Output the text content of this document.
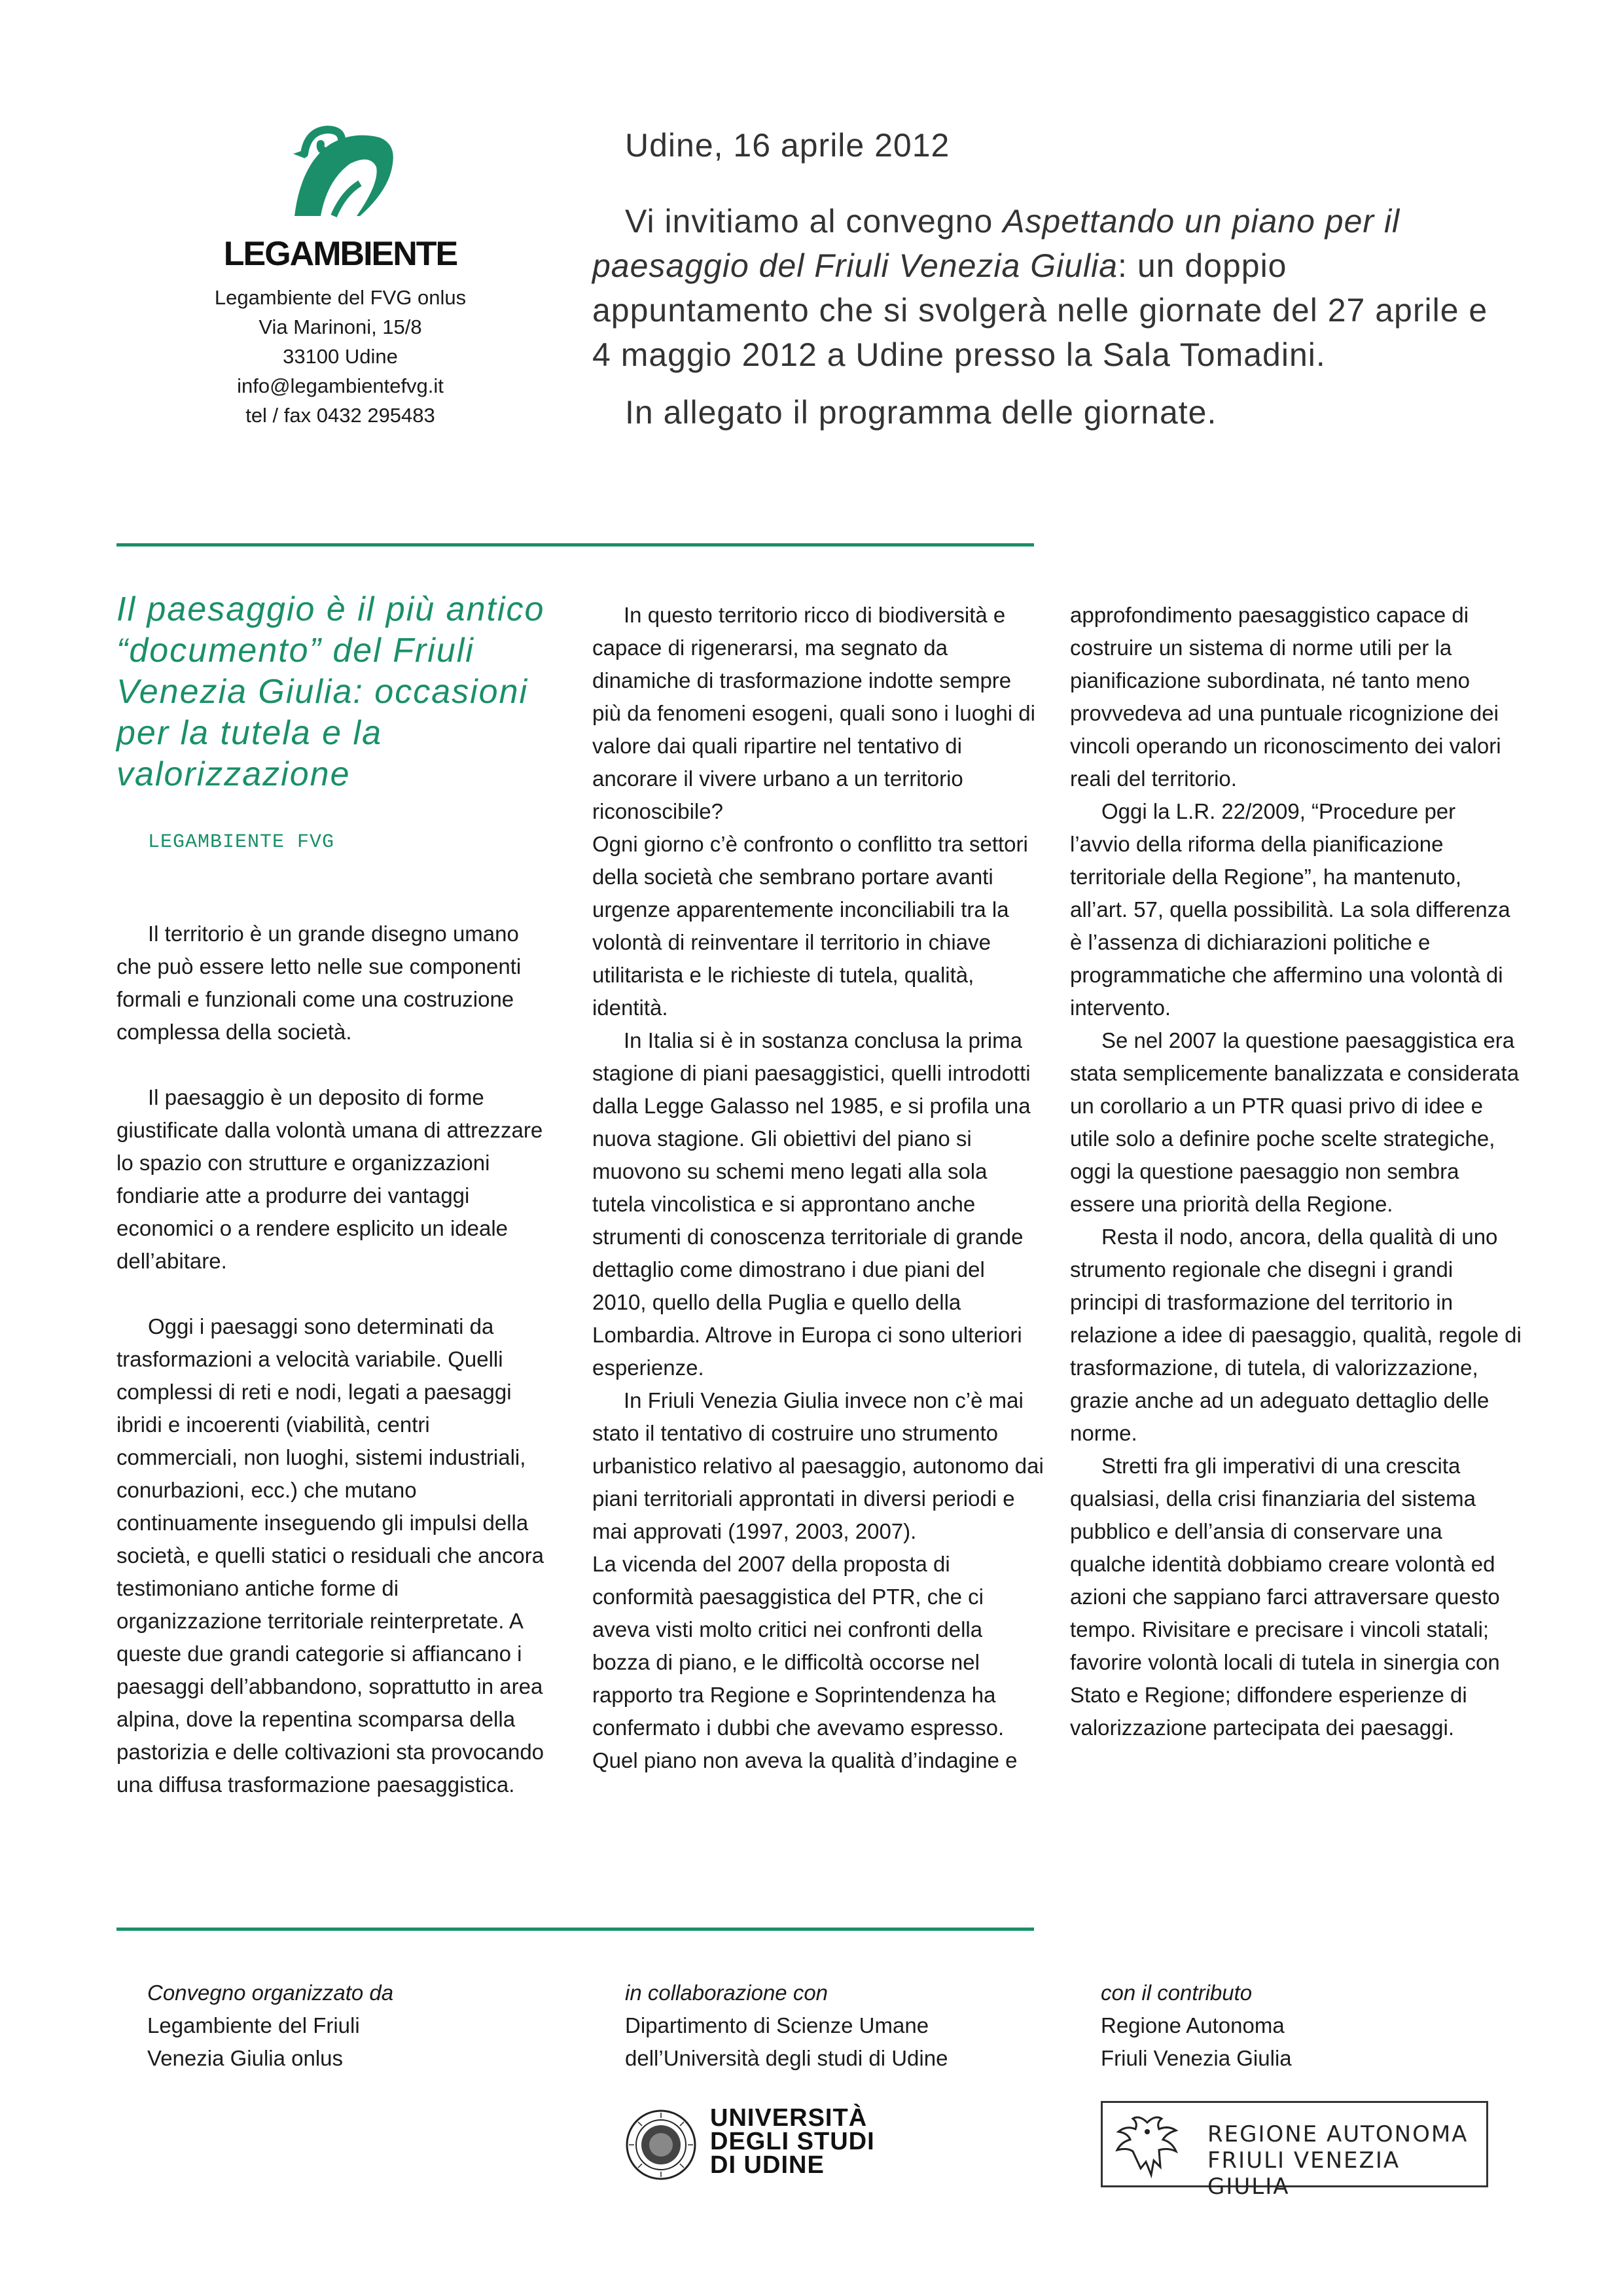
LEGAMBIENTE
Legambiente del FVG onlus
Via Marinoni, 15/8
33100 Udine
info@legambientefvg.it
tel / fax 0432 295483
Udine, 16 aprile 2012
Vi invitiamo al convegno Aspettando un piano per il paesaggio del Friuli Venezia Giulia: un doppio appuntamento che si svolgerà nelle giornate del 27 aprile e 4 maggio 2012 a Udine presso la Sala Tomadini.
In allegato il programma delle giornate.
Il paesaggio è il più antico “documento” del Friuli Venezia Giulia: occasioni per la tutela e la valorizzazione
LEGAMBIENTE FVG

Il territorio è un grande disegno umano che può essere letto nelle sue componenti formali e funzionali come una costruzione complessa della società.

Il paesaggio è un deposito di forme giustificate dalla volontà umana di attrezzare lo spazio con strutture e organizzazioni fondiarie atte a produrre dei vantaggi economici o a rendere esplicito un ideale dell’abitare.

Oggi i paesaggi sono determinati da trasformazioni a velocità variabile. Quelli complessi di reti e nodi, legati a paesaggi ibridi e incoerenti (viabilità, centri commerciali, non luoghi, sistemi industriali, conurbazioni, ecc.) che mutano continuamente inseguendo gli impulsi della società, e quelli statici o residuali che ancora testimoniano antiche forme di organizzazione territoriale reinterpretate. A queste due grandi categorie si affiancano i paesaggi dell’abbandono, soprattutto in area alpina, dove la repentina scomparsa della pastorizia e delle coltivazioni sta provocando una diffusa trasformazione paesaggistica.

In questo territorio ricco di biodiversità e capace di rigenerarsi, ma segnato da dinamiche di trasformazione indotte sempre più da fenomeni esogeni, quali sono i luoghi di valore dai quali ripartire nel tentativo di ancorare il vivere urbano a un territorio riconoscibile?

Ogni giorno c’è confronto o conflitto tra settori della società che sembrano portare avanti urgenze apparentemente inconciliabili tra la volontà di reinventare il territorio in chiave utilitarista e le richieste di tutela, qualità, identità.

In Italia si è in sostanza conclusa la prima stagione di piani paesaggistici, quelli introdotti dalla Legge Galasso nel 1985, e si profila una nuova stagione. Gli obiettivi del piano si muovono su schemi meno legati alla sola tutela vincolistica e si approntano anche strumenti di conoscenza territoriale di grande dettaglio come dimostrano i due piani del 2010, quello della Puglia e quello della Lombardia. Altrove in Europa ci sono ulteriori esperienze.

In Friuli Venezia Giulia invece non c’è mai stato il tentativo di costruire uno strumento urbanistico relativo al paesaggio, autonomo dai piani territoriali approntati in diversi periodi e mai approvati (1997, 2003, 2007).

La vicenda del 2007 della proposta di conformità paesaggistica del PTR, che ci aveva visti molto critici nei confronti della bozza di piano, e le difficoltà occorse nel rapporto tra Regione e Soprintendenza ha confermato i dubbi che avevamo espresso. Quel piano non aveva la qualità d’indagine e

approfondimento paesaggistico capace di costruire un sistema di norme utili per la pianificazione subordinata, né tanto meno provvedeva ad una puntuale ricognizione dei vincoli operando un riconoscimento dei valori reali del territorio.

Oggi la L.R. 22/2009, “Procedure per l’avvio della riforma della pianificazione territoriale della Regione”, ha mantenuto, all’art. 57, quella possibilità. La sola differenza è l’assenza di dichiarazioni politiche e programmatiche che affermino una volontà di intervento.

Se nel 2007 la questione paesaggistica era stata semplicemente banalizzata e considerata un corollario a un PTR quasi privo di idee e utile solo a definire poche scelte strategiche, oggi la questione paesaggio non sembra essere una priorità della Regione.

Resta il nodo, ancora, della qualità di uno strumento regionale che disegni i grandi principi di trasformazione del territorio in relazione a idee di paesaggio, qualità, regole di trasformazione, di tutela, di valorizzazione, grazie anche ad un adeguato dettaglio delle norme.

Stretti fra gli imperativi di una crescita qualsiasi, della crisi finanziaria del sistema pubblico e dell’ansia di conservare una qualche identità dobbiamo creare volontà ed azioni che sappiano farci attraversare questo tempo. Rivisitare e precisare i vincoli statali; favorire volontà locali di tutela in sinergia con Stato e Regione; diffondere esperienze di valorizzazione partecipata dei paesaggi.

Convegno organizzato da
Legambiente del Friuli
Venezia Giulia onlus
in collaborazione con
Dipartimento di Scienze Umane
dell’Università degli studi di Udine
con il contributo
Regione Autonoma
Friuli Venezia Giulia
UNIVERSITÀ
DEGLI STUDI
DI UDINE
REGIONE AUTONOMA
FRIULI VENEZIA GIULIA
